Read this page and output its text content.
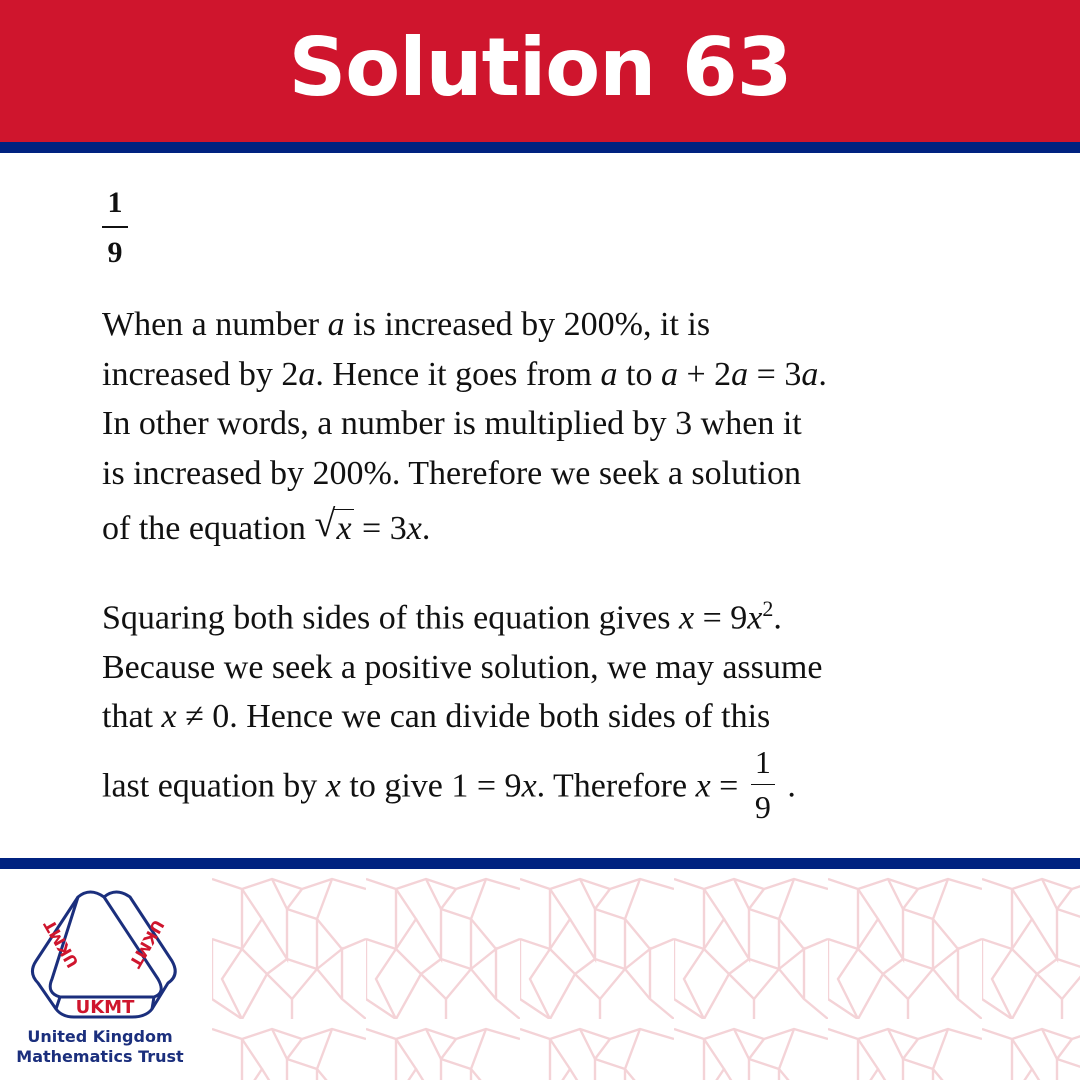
Solution 63
1
9
When a number a is increased by 200%, it is
increased by 2a. Hence it goes from a to a + 2a = 3a.
In other words, a number is multiplied by 3 when it
is increased by 200%. Therefore we seek a solution
of the equation √ x = 3x.
Squaring both sides of this equation gives $x = 9x^2$.
Because we seek a positive solution, we may assume
that x ≠ 0. Hence we can divide both sides of this
last equation by x to give 1 = 9x. Therefore $x = \frac{1}{9}$ .
UKMT
UKMT	UKMT
United Kingdom
Mathematics Trust
